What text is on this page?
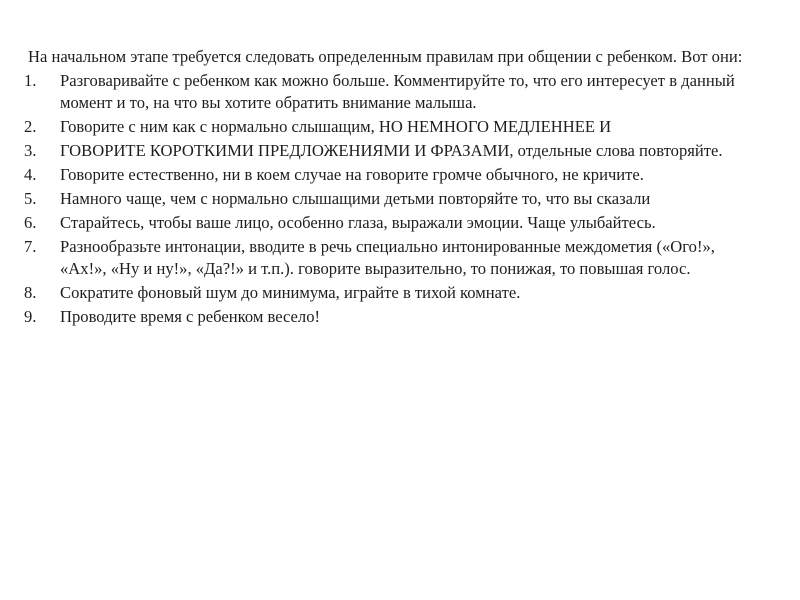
На начальном этапе требуется следовать определенным правилам при общении с ребенком. Вот они:

1.	Разговаривайте с ребенком как можно больше. Комментируйте то, что его интересует в данный момент и то, на что вы хотите обратить внимание малыша.
2.	Говорите с ним как с нормально слышащим, НО НЕМНОГО МЕДЛЕННЕЕ И
3.	ГОВОРИТЕ КОРОТКИМИ ПРЕДЛОЖЕНИЯМИ И ФРАЗАМИ, отдельные слова повторяйте.
4.	Говорите естественно, ни в коем случае на говорите громче обычного, не кричите.
5.	Намного чаще, чем с нормально слышащими детьми повторяйте то, что вы сказали
6.	Старайтесь, чтобы ваше лицо, особенно глаза, выражали эмоции. Чаще улыбайтесь.
7.	Разнообразьте интонации, вводите в речь специально интонированные междометия («Ого!», «Ах!», «Ну и ну!», «Да?!» и т.п.). говорите выразительно, то понижая, то повышая голос.
8.	Сократите фоновый шум до минимума, играйте в тихой комнате.
9.	Проводите время с ребенком весело!
